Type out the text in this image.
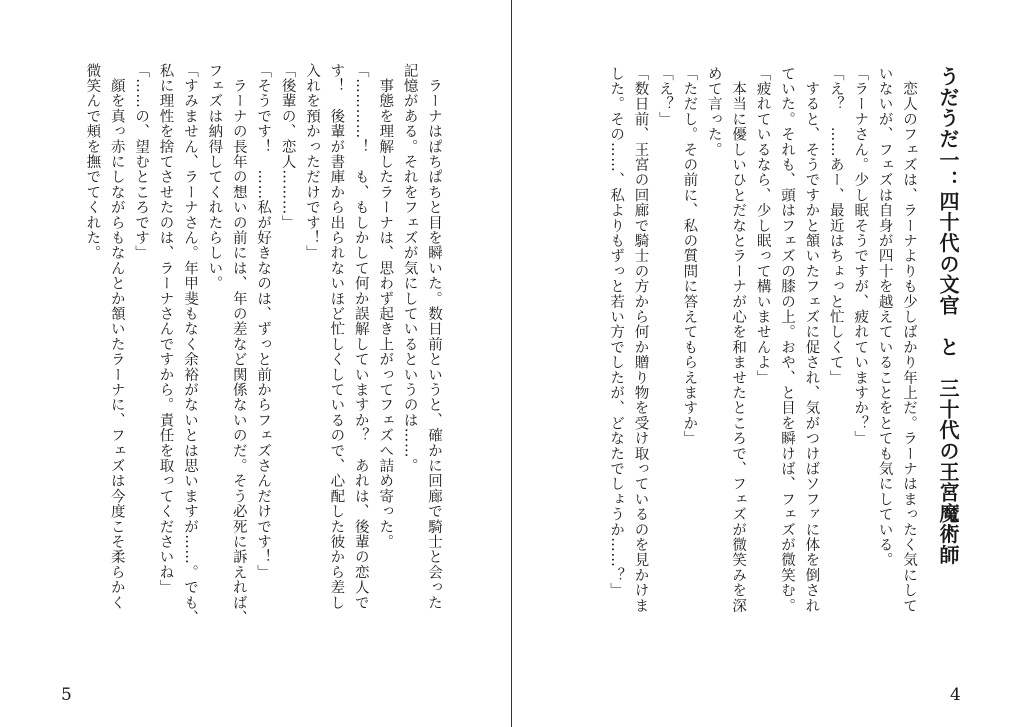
　ラーナはぱちぱちと目を瞬いた。数日前というと、確かに回廊で騎士と会った

記憶がある。それをフェズが気にしているというのは……。

　事態を理解したラーナは、思わず起き上がってフェズへ詰め寄った。

「…………！　も、もしかして何か誤解していますか？　あれは、後輩の恋人で

す！　後輩が書庫から出られないほど忙しくしているので、心配した彼から差し

入れを預かっただけです！」

「後輩の、恋人………」

「そうです！　……私が好きなのは、ずっと前からフェズさんだけです！」

　ラーナの長年の想いの前には、年の差など関係ないのだ。そう必死に訴えれば、

フェズは納得してくれたらしい。

「すみません、ラーナさん。年甲斐もなく余裕がないとは思いますが……。でも、

私に理性を捨てさせたのは、ラーナさんですから。責任を取ってくださいね」

「……の、望むところです」

　顔を真っ赤にしながらもなんとか頷いたラーナに、フェズは今度こそ柔らかく

微笑んで頬を撫でてくれた。

5
うだうだ一：四十代の文官　と　三十代の王宮魔術師

　恋人のフェズは、ラーナよりも少しばかり年上だ。ラーナはまったく気にして

いないが、フェズは自身が四十を越えていることをとても気にしている。

「ラーナさん。少し眠そうですが、疲れていますか？」

「え？　……あー、最近はちょっと忙しくて」

　すると、そうですかと頷いたフェズに促され、気がつけばソファに体を倒され

ていた。それも、頭はフェズの膝の上。おや、と目を瞬けば、フェズが微笑む。

「疲れているなら、少し眠って構いませんよ」

　本当に優しいひとだなとラーナが心を和ませたところで、フェズが微笑みを深

めて言った。

「ただし。その前に、私の質問に答えてもらえますか」

「え？」

「数日前、王宮の回廊で騎士の方から何か贈り物を受け取っているのを見かけま

した。その……、私よりもずっと若い方でしたが、どなたでしょうか……？」

4
